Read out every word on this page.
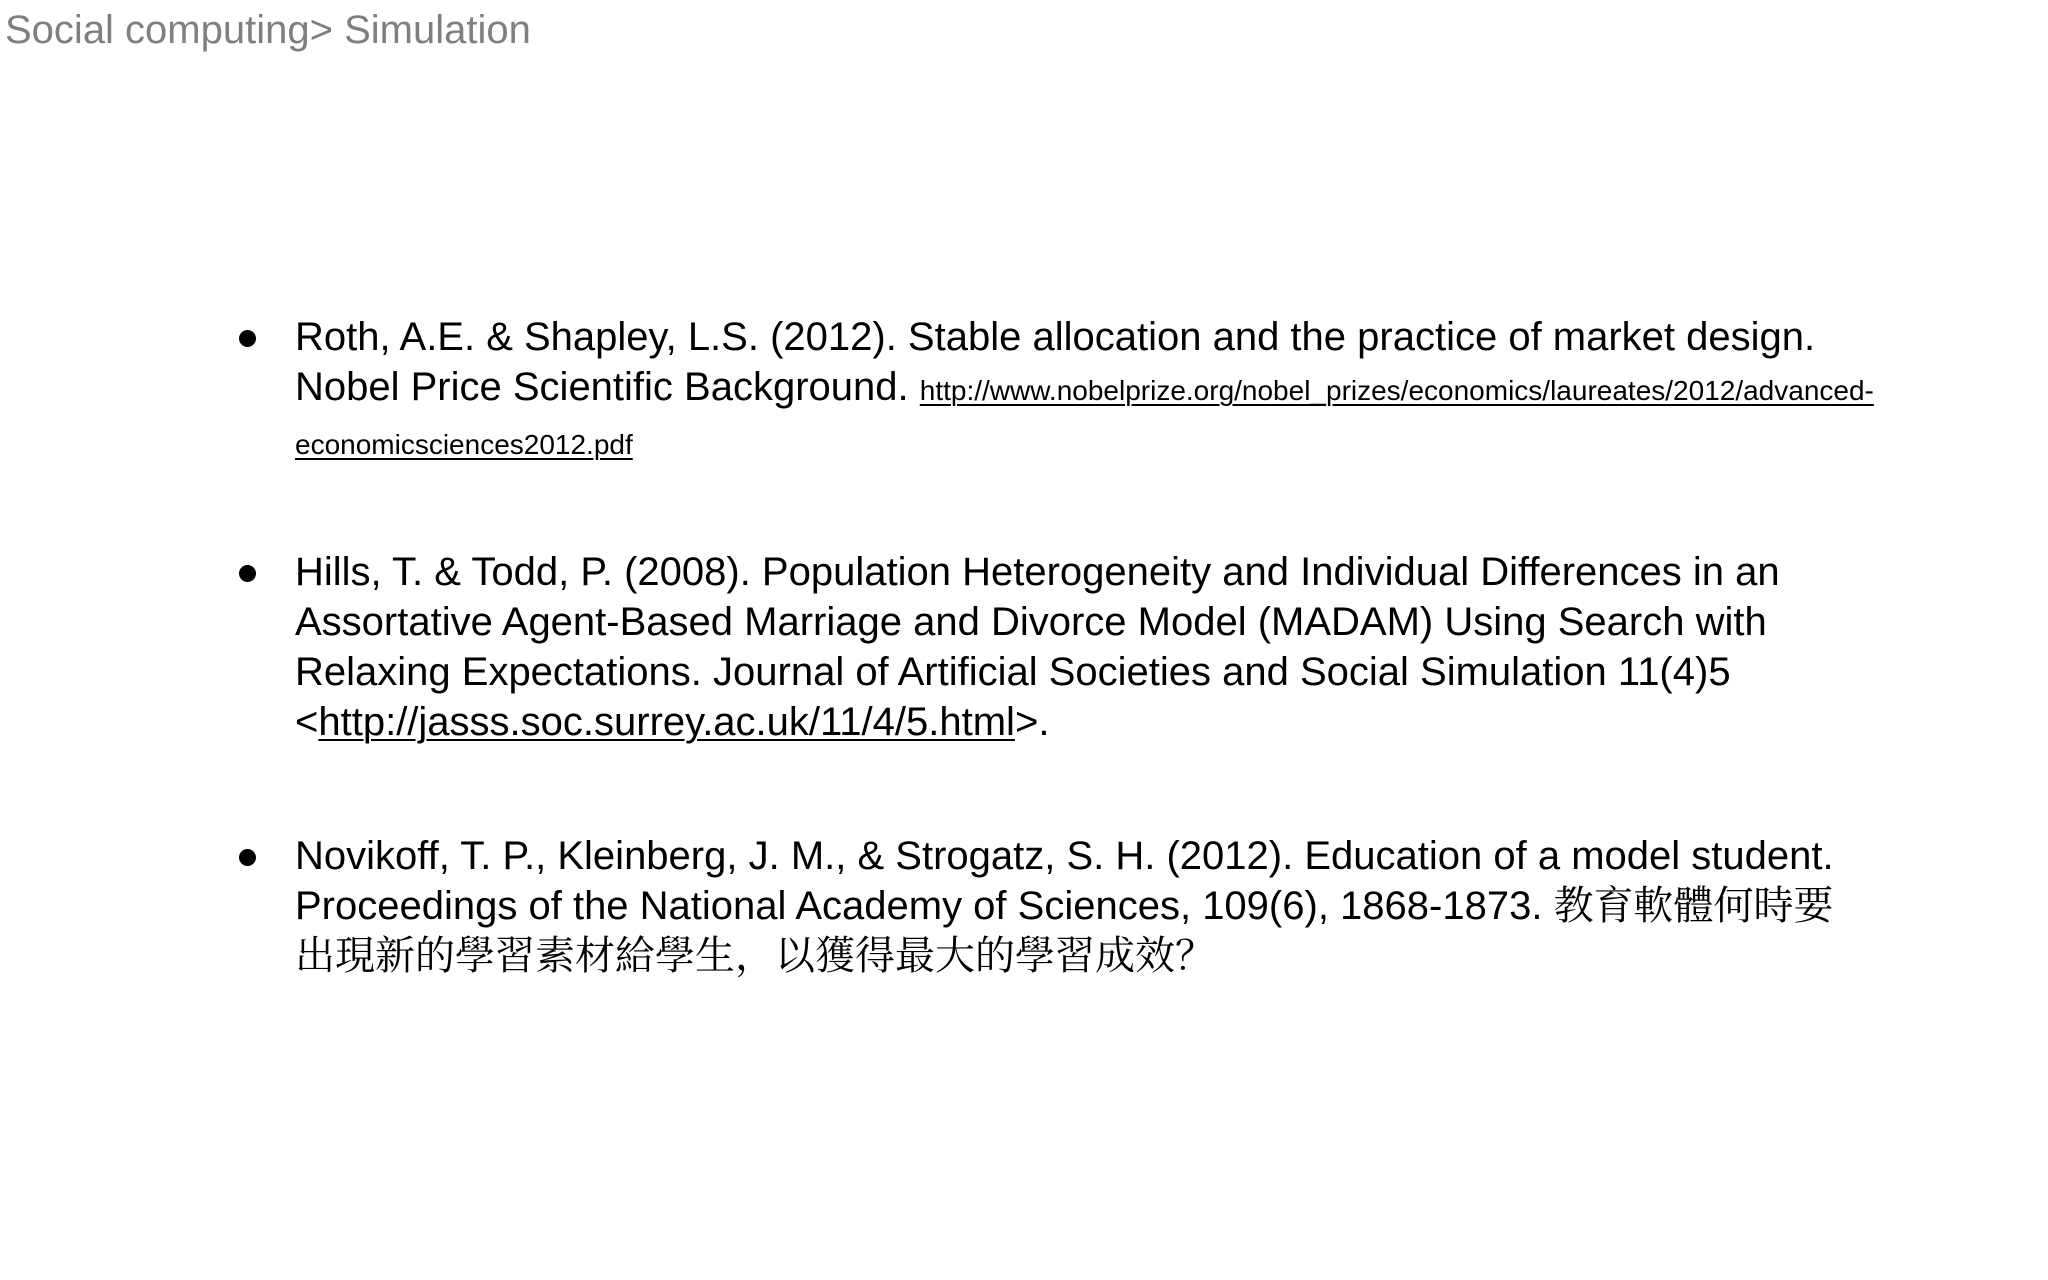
Social computing> Simulation
Roth, A.E. & Shapley, L.S. (2012). Stable allocation and the practice of market design.
Nobel Price Scientific Background. http://www.nobelprize.org/nobel_prizes/economics/laureates/2012/advanced-
economicsciences2012.pdf
Hills, T. & Todd, P. (2008). Population Heterogeneity and Individual Differences in an
Assortative Agent-Based Marriage and Divorce Model (MADAM) Using Search with
Relaxing Expectations. Journal of Artificial Societies and Social Simulation 11(4)5
<http://jasss.soc.surrey.ac.uk/11/4/5.html>.
Novikoff, T. P., Kleinberg, J. M., & Strogatz, S. H. (2012). Education of a model student.
Proceedings of the National Academy of Sciences, 109(6), 1868-1873. 教育軟體何時要
出現新的學習素材給學生，以獲得最大的學習成效？
